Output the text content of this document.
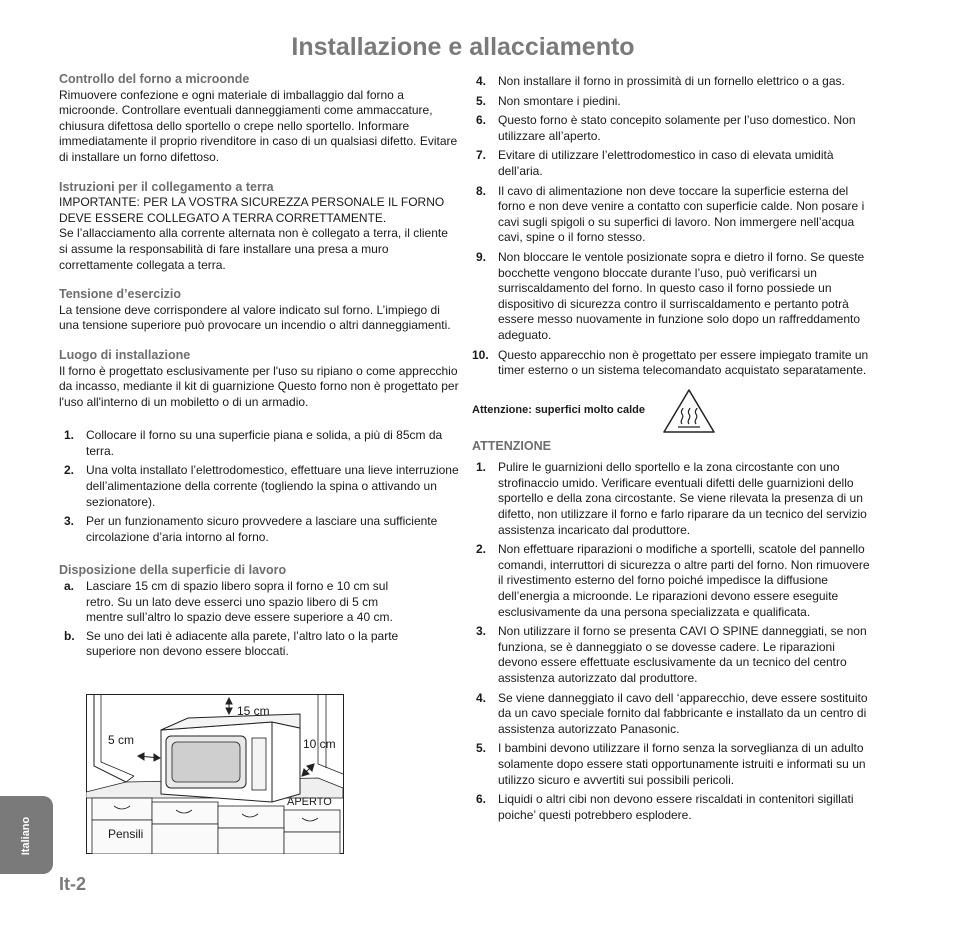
Installazione e allacciamento

Controllo del forno a microonde

Rimuovere confezione e ogni materiale di imballaggio dal forno a microonde. Controllare eventuali danneggiamenti come ammaccature, chiusura difettosa dello sportello o crepe nello sportello. Informare immediatamente il proprio rivenditore in caso di un qualsiasi difetto. Evitare di installare un forno difettoso.

Istruzioni per il collegamento a terra

IMPORTANTE: PER LA VOSTRA SICUREZZA PERSONALE IL FORNO DEVE ESSERE COLLEGATO A TERRA CORRETTAMENTE.

Se l’allacciamento alla corrente alternata non è collegato a terra, il cliente si assume la responsabilità di fare installare una presa a muro correttamente collegata a terra.

Tensione d’esercizio

La tensione deve corrispondere al valore indicato sul forno. L’impiego di una tensione superiore può provocare un incendio o altri danneggiamenti.

Luogo di installazione

Il forno è progettato esclusivamente per l'uso su ripiano o come apprecchio da incasso, mediante il kit di guarnizione Questo forno non è progettato per l'uso all'interno di un mobiletto o di un armadio.

1. Collocare il forno su una superficie piana e solida, a più di 85cm da terra.
2. Una volta installato l’elettrodomestico, effettuare una lieve interruzione dell’alimentazione della corrente (togliendo la spina o attivando un sezionatore).
3. Per un funzionamento sicuro provvedere a lasciare una sufficiente circolazione d’aria intorno al forno.

Disposizione della superficie di lavoro

a. Lasciare 15 cm di spazio libero sopra il forno e 10 cm sul retro. Su un lato deve esserci uno spazio libero di 5 cm mentre sull’altro lo spazio deve essere superiore a 40 cm.
b. Se uno dei lati è adiacente alla parete, l’altro lato o la parte superiore non devono essere bloccati.
15 cm
5 cm	10 cm
APERTO
Pensili
4. Non installare il forno in prossimità di un fornello elettrico o a gas.
5. Non smontare i piedini.
6. Questo forno è stato concepito solamente per l’uso domestico. Non utilizzare all’aperto.
7. Evitare di utilizzare l’elettrodomestico in caso di elevata umidità dell’aria.
8. Il cavo di alimentazione non deve toccare la superficie esterna del forno e non deve venire a contatto con superficie calde. Non posare i cavi sugli spigoli o su superfici di lavoro. Non immergere nell’acqua cavi, spine o il forno stesso.
9. Non bloccare le ventole posizionate sopra e dietro il forno. Se queste bocchette vengono bloccate durante l’uso, può verificarsi un surriscaldamento del forno. In questo caso il forno possiede un dispositivo di sicurezza contro il surriscaldamento e pertanto potrà essere messo nuovamente in funzione solo dopo un raffreddamento adeguato.
10. Questo apparecchio non è progettato per essere impiegato tramite un timer esterno o un sistema telecomandato acquistato separatamente.
Attenzione: superfici molto calde

ATTENZIONE

1. Pulire le guarnizioni dello sportello e la zona circostante con uno strofinaccio umido. Verificare eventuali difetti delle guarnizioni dello sportello e della zona circostante. Se viene rilevata la presenza di un difetto, non utilizzare il forno e farlo riparare da un tecnico del servizio assistenza incaricato dal produttore.
2. Non effettuare riparazioni o modifiche a sportelli, scatole del pannello comandi, interruttori di sicurezza o altre parti del forno. Non rimuovere il rivestimento esterno del forno poiché impedisce la diffusione dell’energia a microonde. Le riparazioni devono essere eseguite esclusivamente da una persona specializzata e qualificata.
3. Non utilizzare il forno se presenta CAVI O SPINE danneggiati, se non funziona, se è danneggiato o se dovesse cadere. Le riparazioni devono essere effettuate esclusivamente da un tecnico del centro assistenza autorizzato dal produttore.
4. Se viene danneggiato il cavo dell ‘apparecchio, deve essere sostituito da un cavo speciale fornito dal fabbricante e installato da un centro di assistenza autorizzato Panasonic.
5. I bambini devono utilizzare il forno senza la sorveglianza di un adulto solamente dopo essere stati opportunamente istruiti e informati su un utilizzo sicuro e avvertiti sui possibili pericoli.
6. Liquidi o altri cibi non devono essere riscaldati in contenitori sigillati poiche’ questi potrebbero esplodere.
Italiano
It-2
